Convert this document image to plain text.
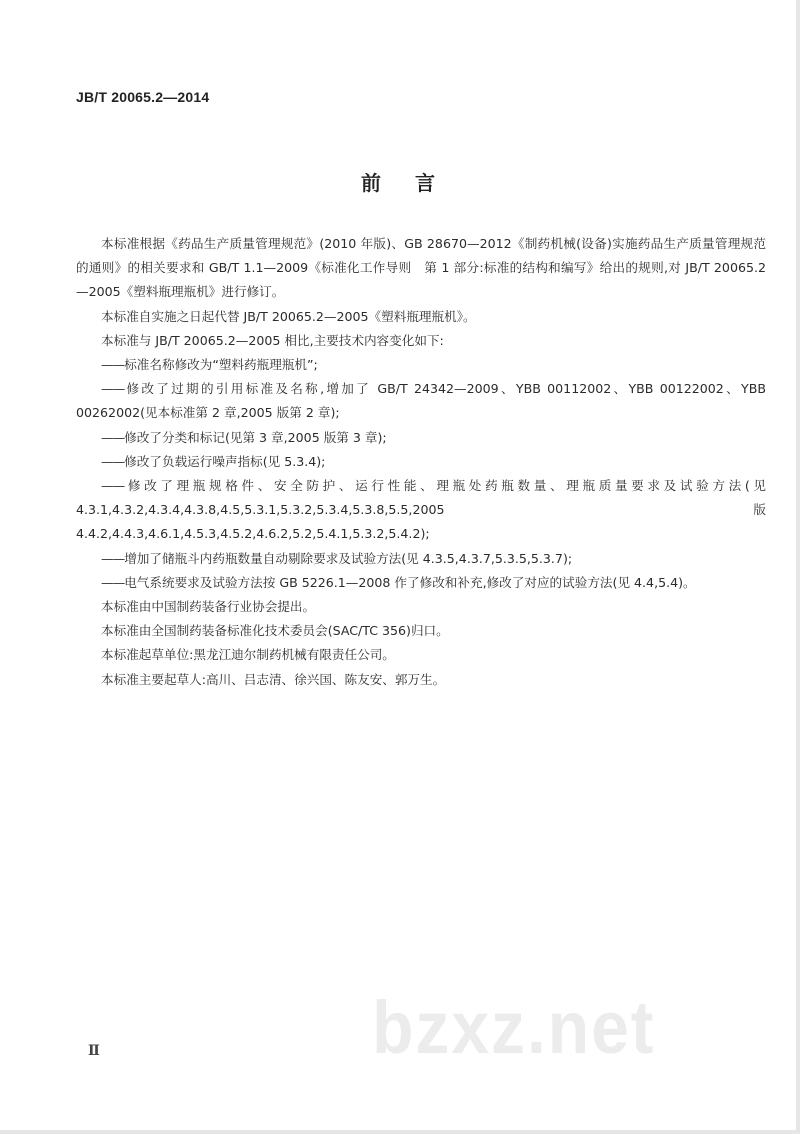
JB/T 20065.2—2014
前 言

本标准根据《药品生产质量管理规范》(2010 年版)、GB 28670—2012《制药机械(设备)实施药品生产质量管理规范的通则》的相关要求和 GB/T 1.1—2009《标准化工作导则　第 1 部分:标准的结构和编写》给出的规则,对 JB/T 20065.2—2005《塑料瓶理瓶机》进行修订。

本标准自实施之日起代替 JB/T 20065.2—2005《塑料瓶理瓶机》。

本标准与 JB/T 20065.2—2005 相比,主要技术内容变化如下:

——标准名称修改为“塑料药瓶理瓶机”;

——修改了过期的引用标准及名称,增加了 GB/T 24342—2009、YBB 00112002、YBB 00122002、YBB 00262002(见本标准第 2 章,2005 版第 2 章);

——修改了分类和标记(见第 3 章,2005 版第 3 章);

——修改了负载运行噪声指标(见 5.3.4);

——修改了理瓶规格件、安全防护、运行性能、理瓶处药瓶数量、理瓶质量要求及试验方法(见 4.3.1,4.3.2,4.3.4,4.3.8,4.5,5.3.1,5.3.2,5.3.4,5.3.8,5.5,2005 版 4.4.2,4.4.3,4.6.1,4.5.3,4.5.2,4.6.2,5.2,5.4.1,5.3.2,5.4.2);

——增加了储瓶斗内药瓶数量自动剔除要求及试验方法(见 4.3.5,4.3.7,5.3.5,5.3.7);

——电气系统要求及试验方法按 GB 5226.1—2008 作了修改和补充,修改了对应的试验方法(见 4.4,5.4)。

本标准由中国制药装备行业协会提出。

本标准由全国制药装备标准化技术委员会(SAC/TC 356)归口。

本标准起草单位:黑龙江迪尔制药机械有限责任公司。

本标准主要起草人:高川、吕志清、徐兴国、陈友安、郭万生。

bzxz.net
Ⅱ
